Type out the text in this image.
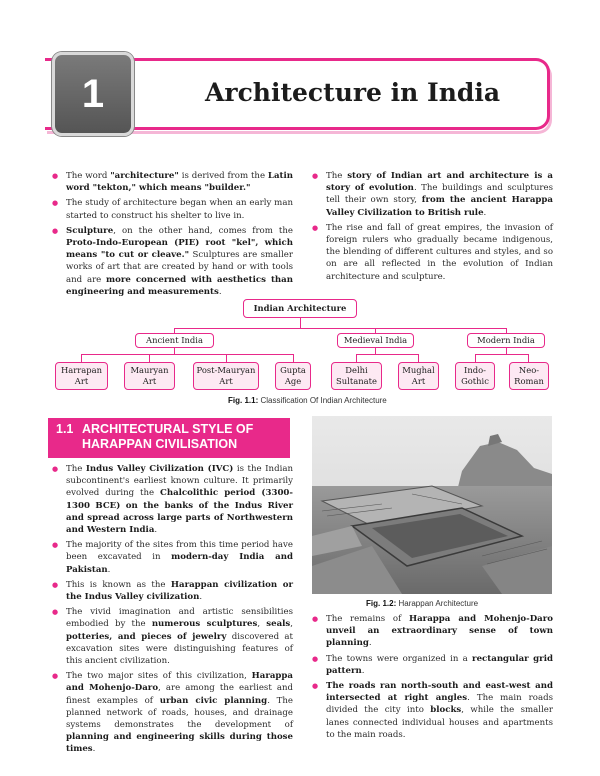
1	Architecture in India
● The word "architecture" is derived from the Latin word "tekton," which means "builder."
● The study of architecture began when an early man started to construct his shelter to live in.
● Sculpture, on the other hand, comes from the Proto-Indo-European (PIE) root "kel", which means "to cut or cleave." Sculptures are smaller works of art that are created by hand or with tools and are more concerned with aesthetics than engineering and measurements.
● The story of Indian art and architecture is a story of evolution. The buildings and sculptures tell their own story, from the ancient Harappa Valley Civilization to British rule.
● The rise and fall of great empires, the invasion of foreign rulers who gradually became indigenous, the blending of different cultures and styles, and so on are all reflected in the evolution of Indian architecture and sculpture.
Indian Architecture
Ancient India	Medieval India	Modern India
Harrapan Art
Mauryan Art
Post-Mauryan Art
Gupta Age
Delhi Sultanate
Mughal Art
Indo-Gothic
Neo-Roman
Fig. 1.1: Classification Of Indian Architecture
1.1 ARCHITECTURAL STYLE OF HARAPPAN CIVILISATION
● The Indus Valley Civilization (IVC) is the Indian subcontinent's earliest known culture. It primarily evolved during the Chalcolithic period (3300-1300 BCE) on the banks of the Indus River and spread across large parts of Northwestern and Western India.
● The majority of the sites from this time period have been excavated in modern-day India and Pakistan.
● This is known as the Harappan civilization or the Indus Valley civilization.
● The vivid imagination and artistic sensibilities embodied by the numerous sculptures, seals, potteries, and pieces of jewelry discovered at excavation sites were distinguishing features of this ancient civilization.
● The two major sites of this civilization, Harappa and Mohenjo-Daro, are among the earliest and finest examples of urban civic planning. The planned network of roads, houses, and drainage systems demonstrates the development of planning and engineering skills during those times.
Fig. 1.2: Harappan Architecture
● The remains of Harappa and Mohenjo-Daro unveil an extraordinary sense of town planning.
● The towns were organized in a rectangular grid pattern.
● The roads ran north-south and east-west and intersected at right angles. The main roads divided the city into blocks, while the smaller lanes connected individual houses and apartments to the main roads.
